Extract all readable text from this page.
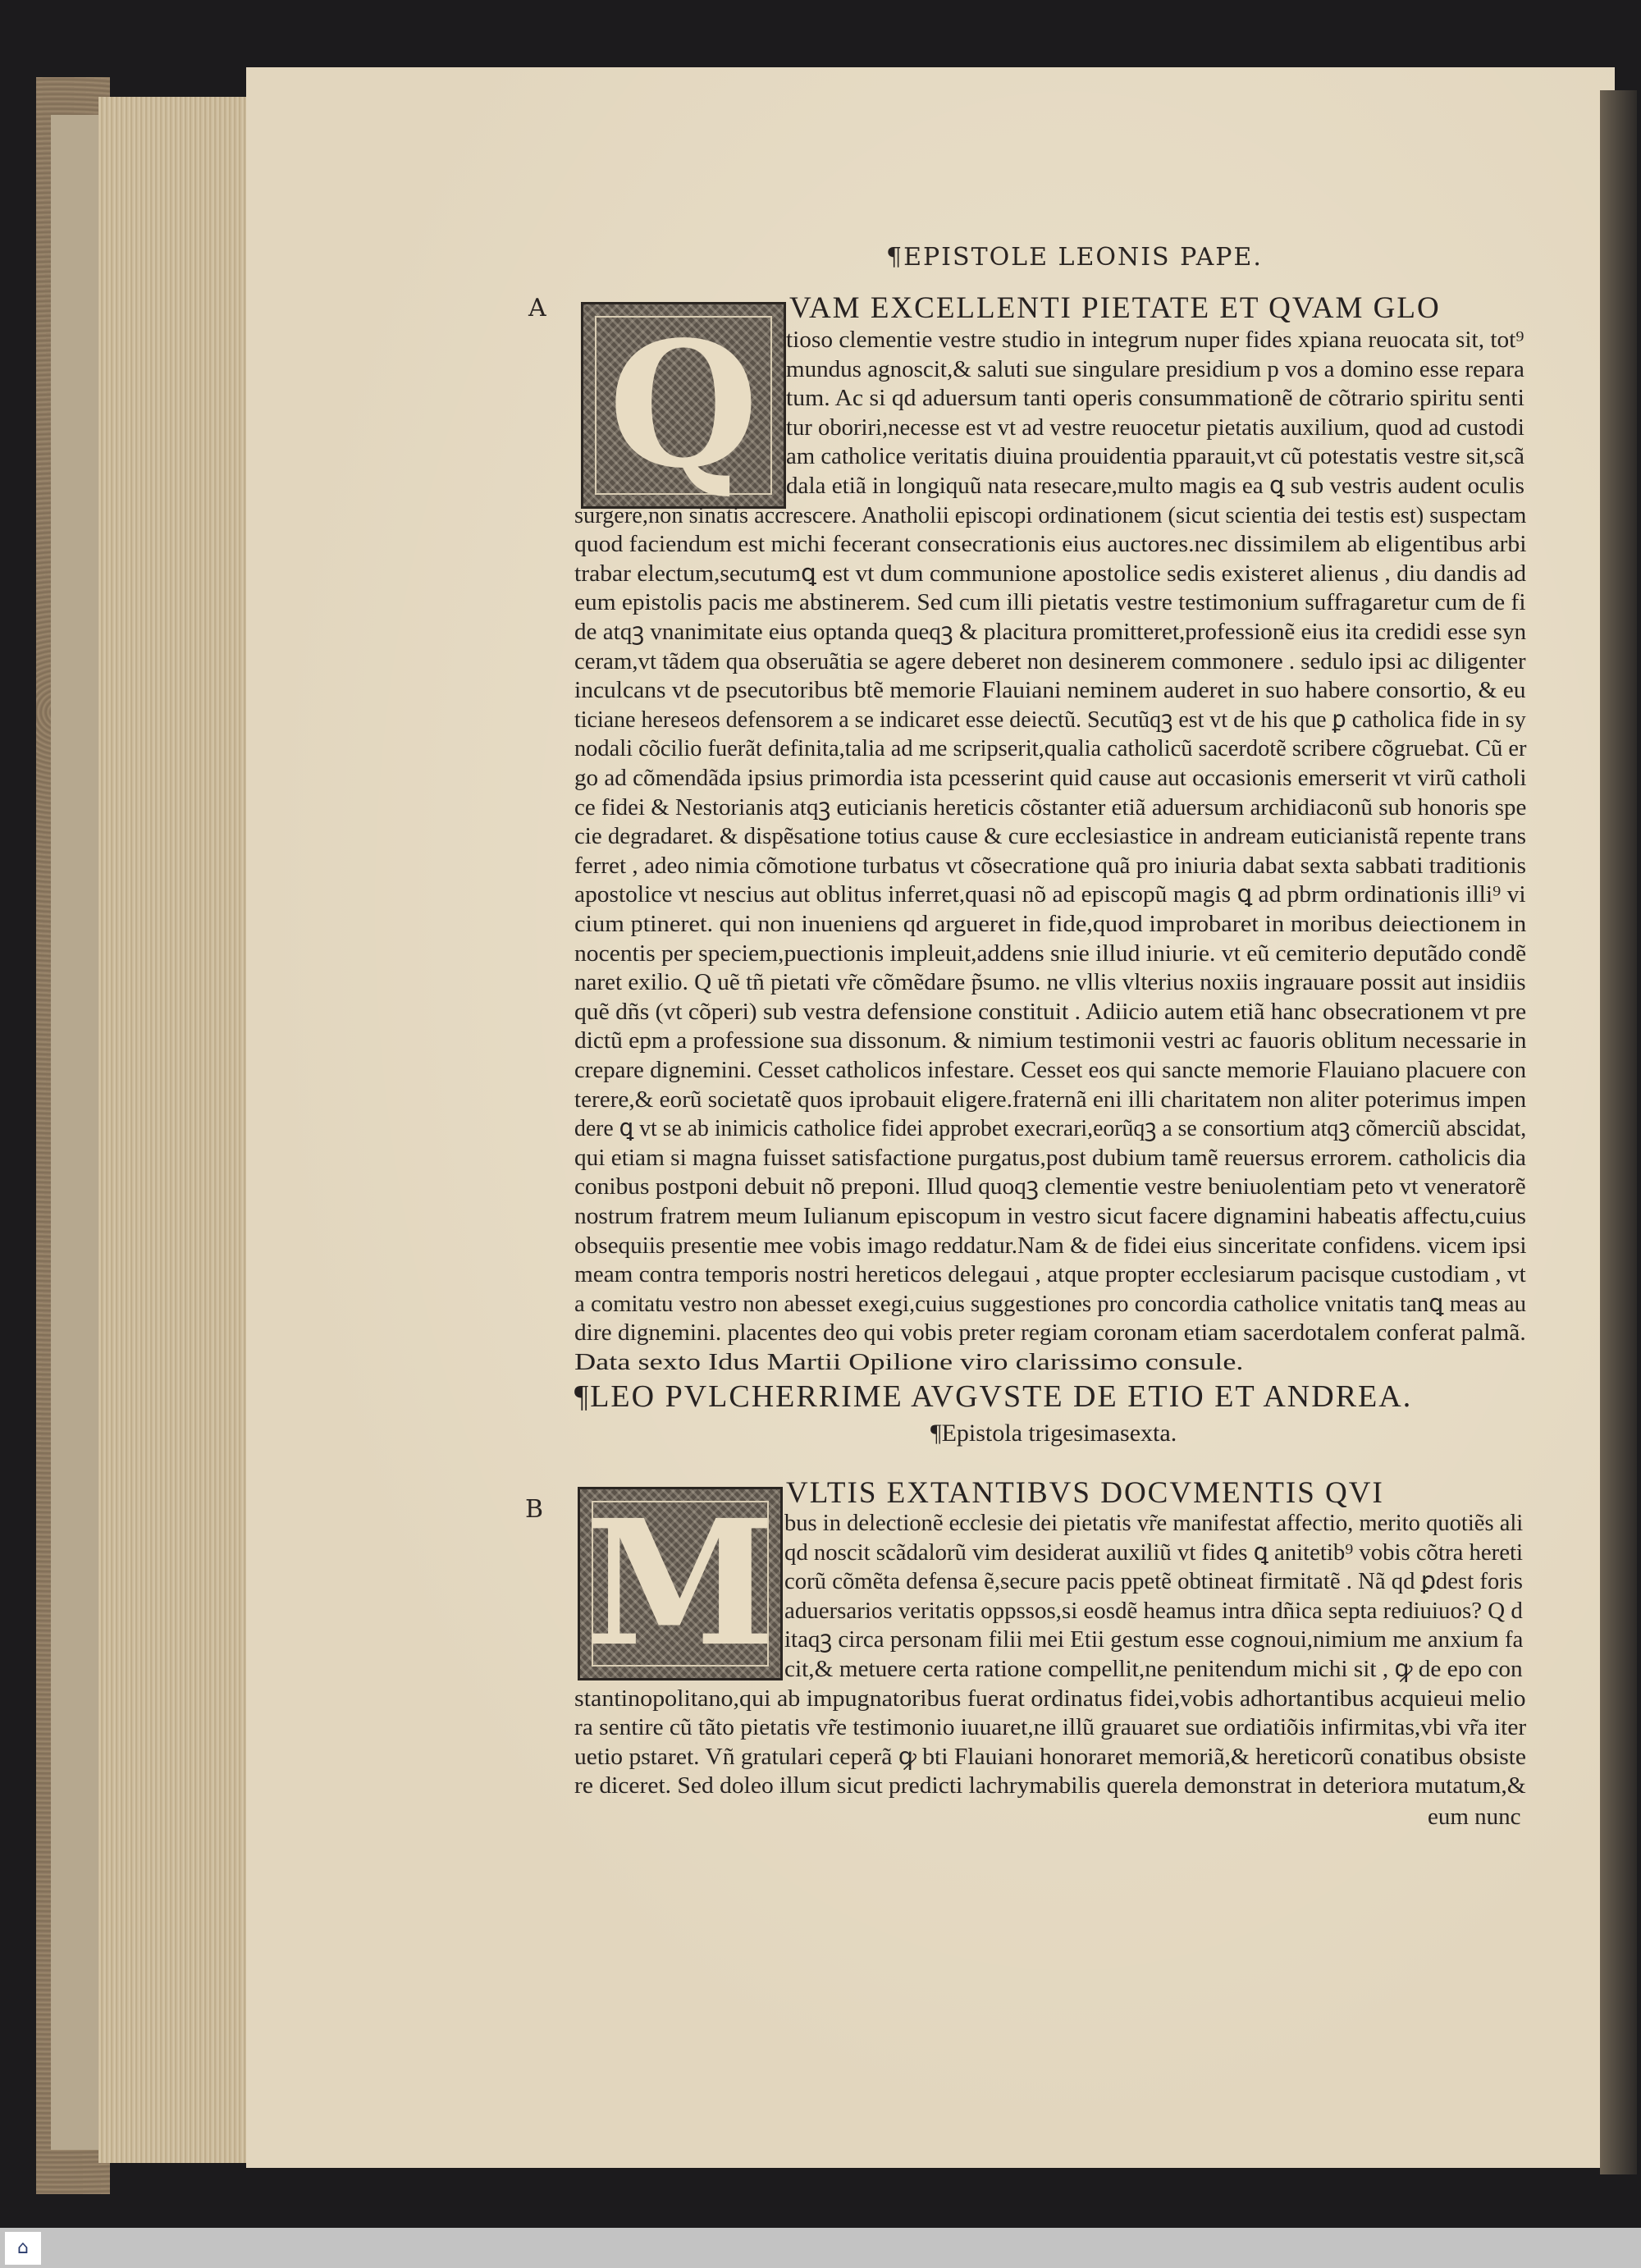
¶EPISTOLE LEONIS PAPE.
A
B
Q	VAM EXCELLENTI PIETATE ET QVAM GLO
tioso clementie vestre studio in integrum nuper fides xpiana reuocata sit, tot⁹
mundus agnoscit,& saluti sue singulare presidium p vos a domino esse repara
tum. Ac si qd aduersum tanti operis consummationẽ de cõtrario spiritu senti
tur oboriri,necesse est vt ad vestre reuocetur pietatis auxilium, quod ad custodi
am catholice veritatis diuina prouidentia pparauit,vt cũ potestatis vestre sit,scã
dala etiã in longiquũ nata resecare,multo magis ea ꝗ sub vestris audent oculis
surgere,non sinatis accrescere. Anatholii episcopi ordinationem (sicut scientia dei testis est) suspectam
quod faciendum est michi fecerant consecrationis eius auctores.nec dissimilem ab eligentibus arbi
trabar electum,secutumꝗ est vt dum communione apostolice sedis existeret alienus , diu dandis ad
eum epistolis pacis me abstinerem. Sed cum illi pietatis vestre testimonium suffragaretur cum de fi
de atqꝫ vnanimitate eius optanda queqꝫ & placitura promitteret,professionẽ eius ita credidi esse syn
ceram,vt tãdem qua obseruãtia se agere deberet non desinerem commonere . sedulo ipsi ac diligenter
inculcans vt de psecutoribus btẽ memorie Flauiani neminem auderet in suo habere consortio, & eu
ticiane hereseos defensorem a se indicaret esse deiectũ. Secutũqꝫ est vt de his que ꝑ catholica fide in sy
nodali cõcilio fuerãt definita,talia ad me scripserit,qualia catholicũ sacerdotẽ scribere cõgruebat. Cũ er
go ad cõmendãda ipsius primordia ista pcesserint quid cause aut occasionis emerserit vt virũ catholi
ce fidei & Nestorianis atqꝫ euticianis hereticis cõstanter etiã aduersum archidiaconũ sub honoris spe
cie degradaret. & dispẽsatione totius cause & cure ecclesiastice in andream euticianistã repente trans
ferret , adeo nimia cõmotione turbatus vt cõsecratione quã pro iniuria dabat sexta sabbati traditionis
apostolice vt nescius aut oblitus inferret,quasi nõ ad episcopũ magis ꝗ ad pbrm ordinationis illi⁹ vi
cium ptineret. qui non inueniens qd argueret in fide,quod improbaret in moribus deiectionem in
nocentis per speciem,puectionis impleuit,addens snie illud iniurie. vt eũ cemiterio deputãdo condẽ
naret exilio. Q uẽ tñ pietati vr̃e cõmẽdare p̃sumo. ne vllis vlterius noxiis ingrauare possit aut insidiis
quẽ dñs (vt cõperi) sub vestra defensione constituit . Adiicio autem etiã hanc obsecrationem vt pre
dictũ epm a professione sua dissonum. & nimium testimonii vestri ac fauoris oblitum necessarie in
crepare dignemini. Cesset catholicos infestare. Cesset eos qui sancte memorie Flauiano placuere con
terere,& eorũ societatẽ quos iprobauit eligere.fraternã eni illi charitatem non aliter poterimus impen
dere ꝗ vt se ab inimicis catholice fidei approbet execrari,eorũqꝫ a se consortium atqꝫ cõmerciũ abscidat,
qui etiam si magna fuisset satisfactione purgatus,post dubium tamẽ reuersus errorem. catholicis dia
conibus postponi debuit nõ preponi. Illud quoqꝫ clementie vestre beniuolentiam peto vt veneratorẽ
nostrum fratrem meum Iulianum episcopum in vestro sicut facere dignamini habeatis affectu,cuius
obsequiis presentie mee vobis imago reddatur.Nam & de fidei eius sinceritate confidens. vicem ipsi
meam contra temporis nostri hereticos delegaui , atque propter ecclesiarum pacisque custodiam , vt
a comitatu vestro non abesset exegi,cuius suggestiones pro concordia catholice vnitatis tanꝗ meas au
dire dignemini. placentes deo qui vobis preter regiam coronam etiam sacerdotalem conferat palmã.
Data sexto Idus Martii Opilione viro clarissimo consule.
¶LEO PVLCHERRIME AVGVSTE DE ETIO ET ANDREA.
¶Epistola trigesimasexta.
M VLTIS EXTANTIBVS DOCVMENTIS QVI
bus in delectionẽ ecclesie dei pietatis vr̃e manifestat affectio, merito quotiẽs ali
qd noscit scãdalorũ vim desiderat auxiliũ vt fides ꝗ anitetib⁹ vobis cõtra hereti
corũ cõmẽta defensa ẽ,secure pacis ppetẽ obtineat firmitatẽ . Nã qd ꝑdest foris
aduersarios veritatis oppssos,si eosdẽ heamus intra dñica septa rediuiuos? Q d
itaqꝫ circa personam filii mei Etii gestum esse cognoui,nimium me anxium fa
cit,& metuere certa ratione compellit,ne penitendum michi sit , ꝙ de epo con
stantinopolitano,qui ab impugnatoribus fuerat ordinatus fidei,vobis adhortantibus acquieui melio
ra sentire cũ tãto pietatis vr̃e testimonio iuuaret,ne illũ grauaret sue ordiatiõis infirmitas,vbi vr̃a iter
uetio pstaret. Vñ gratulari ceperã ꝙ bti Flauiani honoraret memoriã,& hereticorũ conatibus obsiste
re diceret. Sed doleo illum sicut predicti lachrymabilis querela demonstrat in deteriora mutatum,&
eum nunc
⌂
